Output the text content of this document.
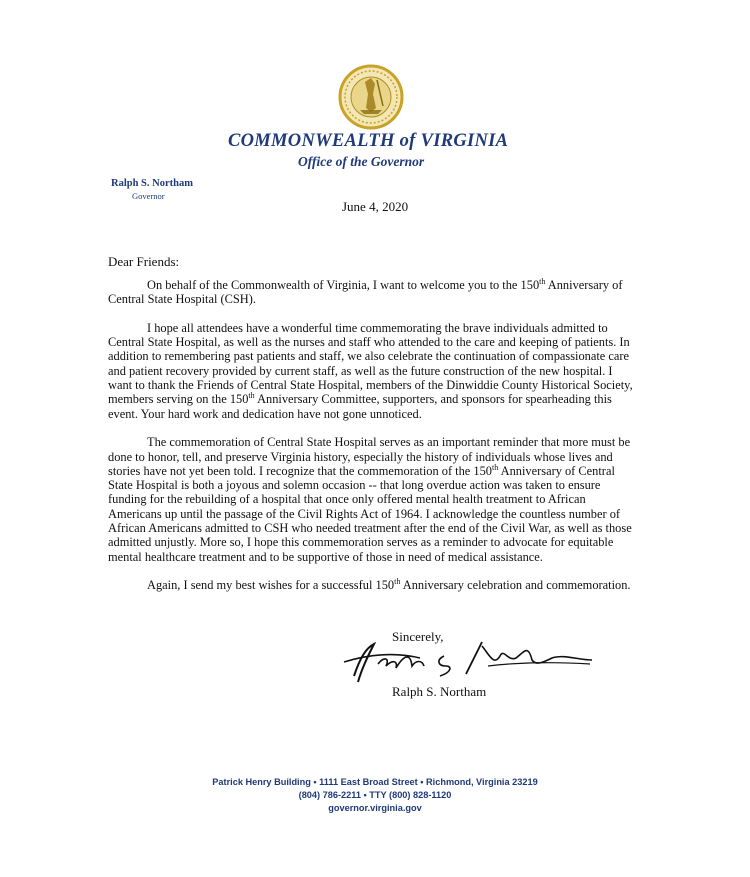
COMMONWEALTH of VIRGINIA
Office of the Governor
Ralph S. Northam
Governor
June 4, 2020
Dear Friends:

On behalf of the Commonwealth of Virginia, I want to welcome you to the 150th Anniversary of Central State Hospital (CSH).

I hope all attendees have a wonderful time commemorating the brave individuals admitted to Central State Hospital, as well as the nurses and staff who attended to the care and keeping of patients. In addition to remembering past patients and staff, we also celebrate the continuation of compassionate care and patient recovery provided by current staff, as well as the future construction of the new hospital. I want to thank the Friends of Central State Hospital, members of the Dinwiddie County Historical Society, members serving on the 150th Anniversary Committee, supporters, and sponsors for spearheading this event. Your hard work and dedication have not gone unnoticed.

The commemoration of Central State Hospital serves as an important reminder that more must be done to honor, tell, and preserve Virginia history, especially the history of individuals whose lives and stories have not yet been told. I recognize that the commemoration of the 150th Anniversary of Central State Hospital is both a joyous and solemn occasion -- that long overdue action was taken to ensure funding for the rebuilding of a hospital that once only offered mental health treatment to African Americans up until the passage of the Civil Rights Act of 1964. I acknowledge the countless number of African Americans admitted to CSH who needed treatment after the end of the Civil War, as well as those admitted unjustly. More so, I hope this commemoration serves as a reminder to advocate for equitable mental healthcare treatment and to be supportive of those in need of medical assistance.

Again, I send my best wishes for a successful 150th Anniversary celebration and commemoration.

Sincerely,
Ralph S. Northam
Patrick Henry Building • 1111 East Broad Street • Richmond, Virginia 23219
(804) 786-2211 • TTY (800) 828-1120
governor.virginia.gov
